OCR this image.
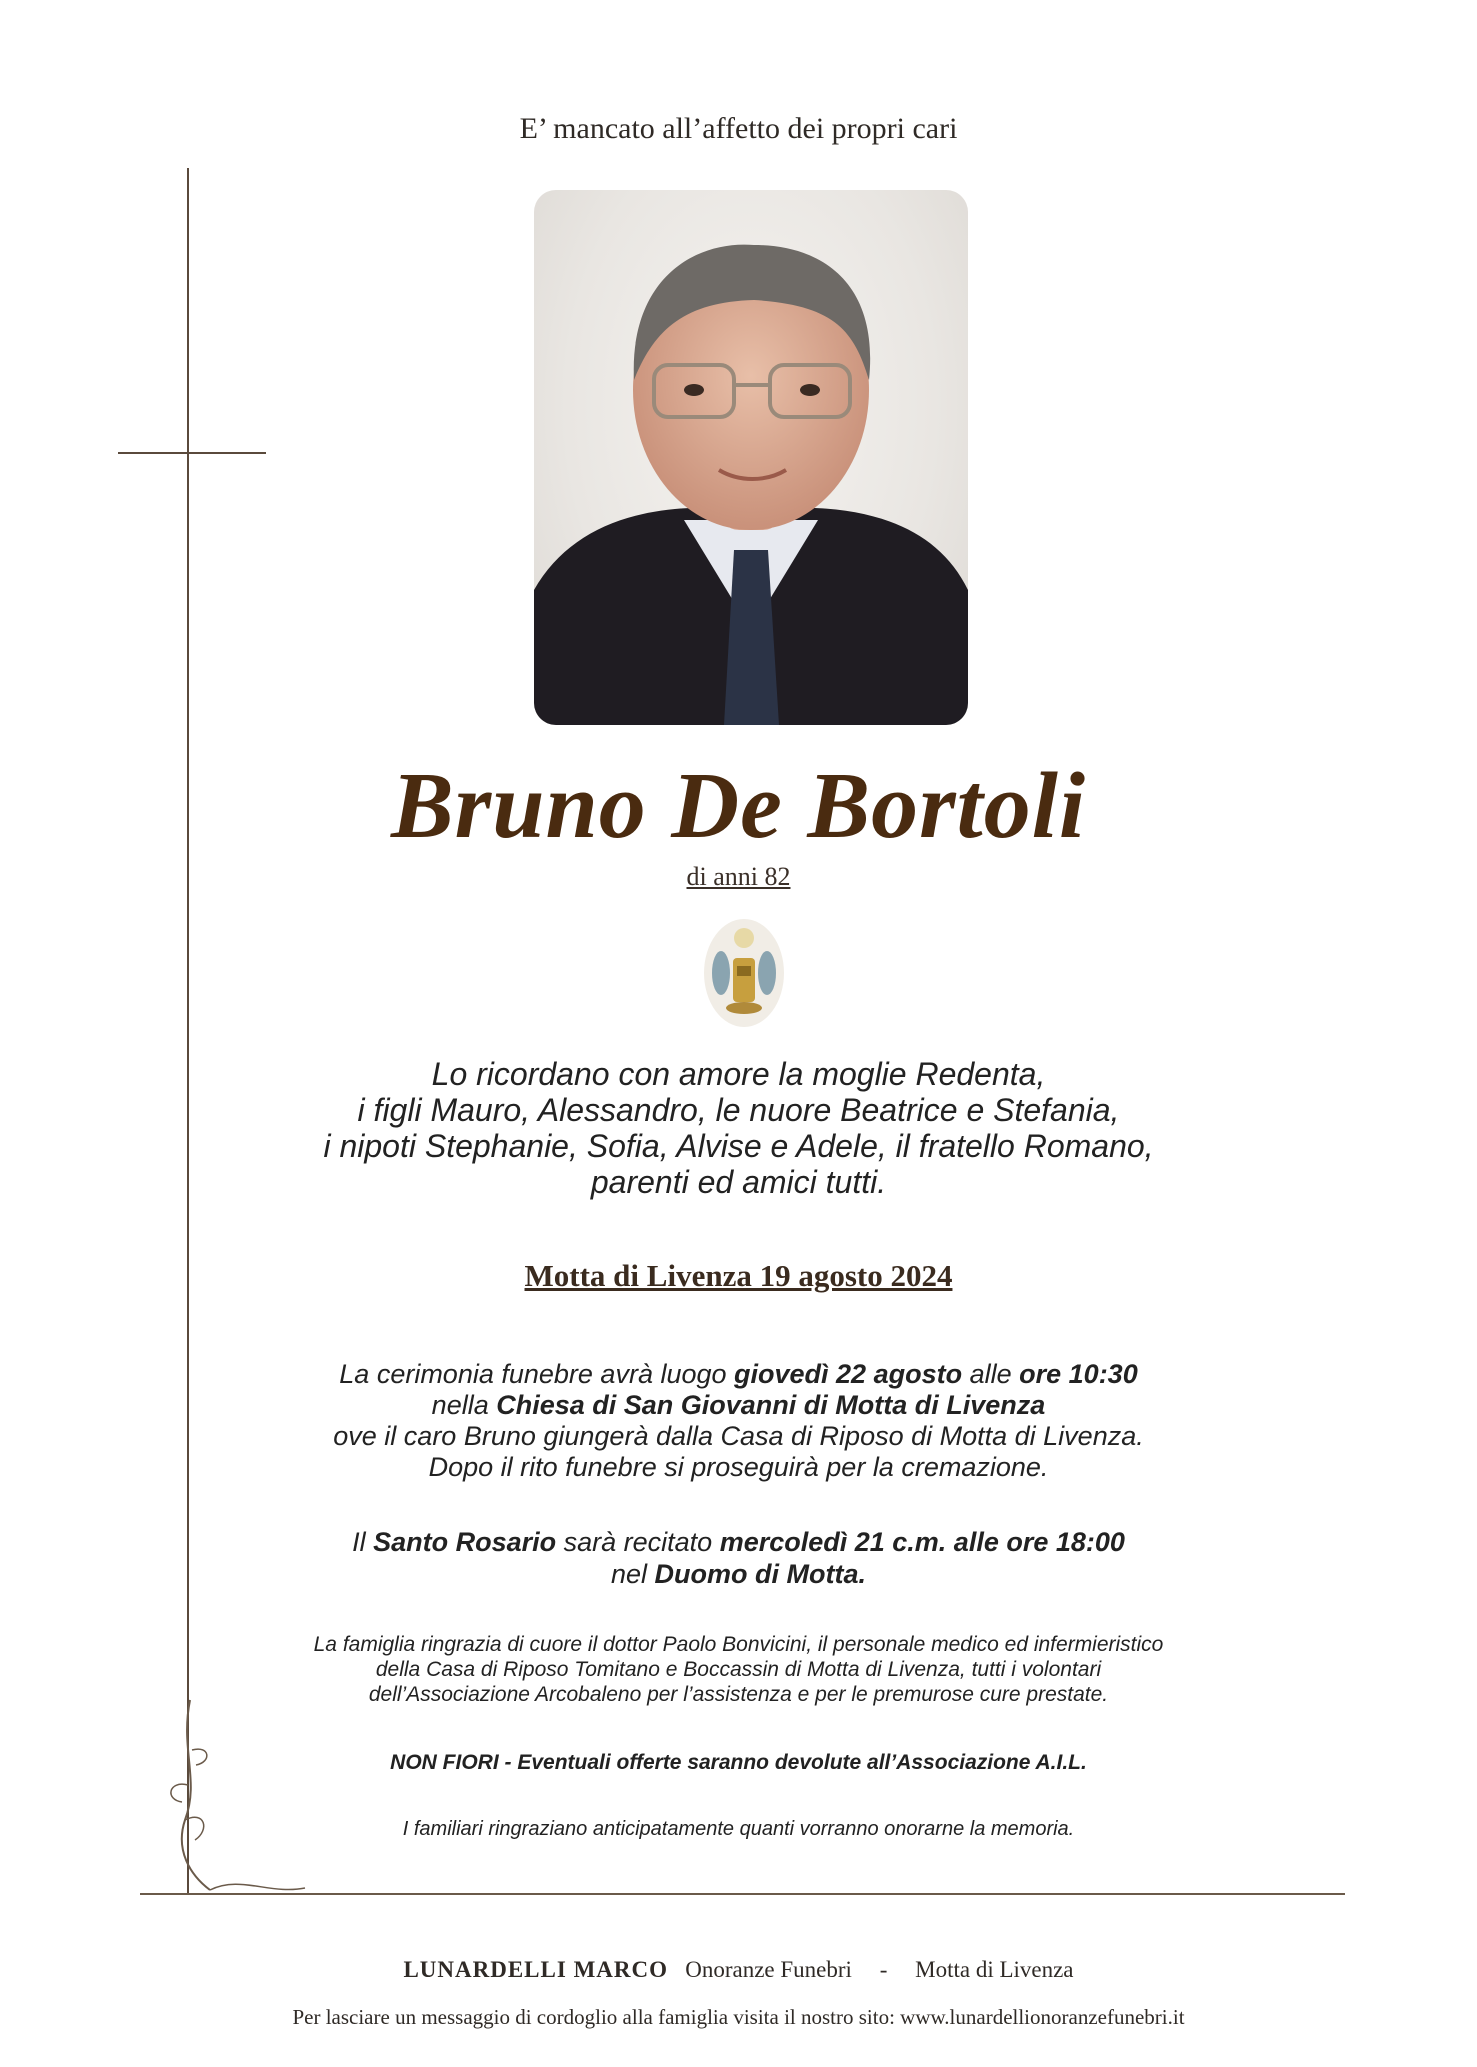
E’ mancato all’affetto dei propri cari
Bruno De Bortoli
di anni 82
Lo ricordano con amore la moglie Redenta,
i figli Mauro, Alessandro, le nuore Beatrice e Stefania,
i nipoti Stephanie, Sofia, Alvise e Adele, il fratello Romano,
parenti ed amici tutti.
Motta di Livenza 19 agosto 2024
La cerimonia funebre avrà luogo giovedì 22 agosto alle ore 10:30
nella Chiesa di San Giovanni di Motta di Livenza
ove il caro Bruno giungerà dalla Casa di Riposo di Motta di Livenza.
Dopo il rito funebre si proseguirà per la cremazione.
Il Santo Rosario sarà recitato mercoledì 21 c.m. alle ore 18:00
nel Duomo di Motta.
La famiglia ringrazia di cuore il dottor Paolo Bonvicini, il personale medico ed infermieristico
della Casa di Riposo Tomitano e Boccassin di Motta di Livenza, tutti i volontari
dell’Associazione Arcobaleno per l’assistenza e per le premurose cure prestate.
NON FIORI - Eventuali offerte saranno devolute all’Associazione A.I.L.
I familiari ringraziano anticipatamente quanti vorranno onorarne la memoria.
LUNARDELLI MARCO Onoranze Funebri - Motta di Livenza
Per lasciare un messaggio di cordoglio alla famiglia visita il nostro sito: www.lunardellionoranzefunebri.it
